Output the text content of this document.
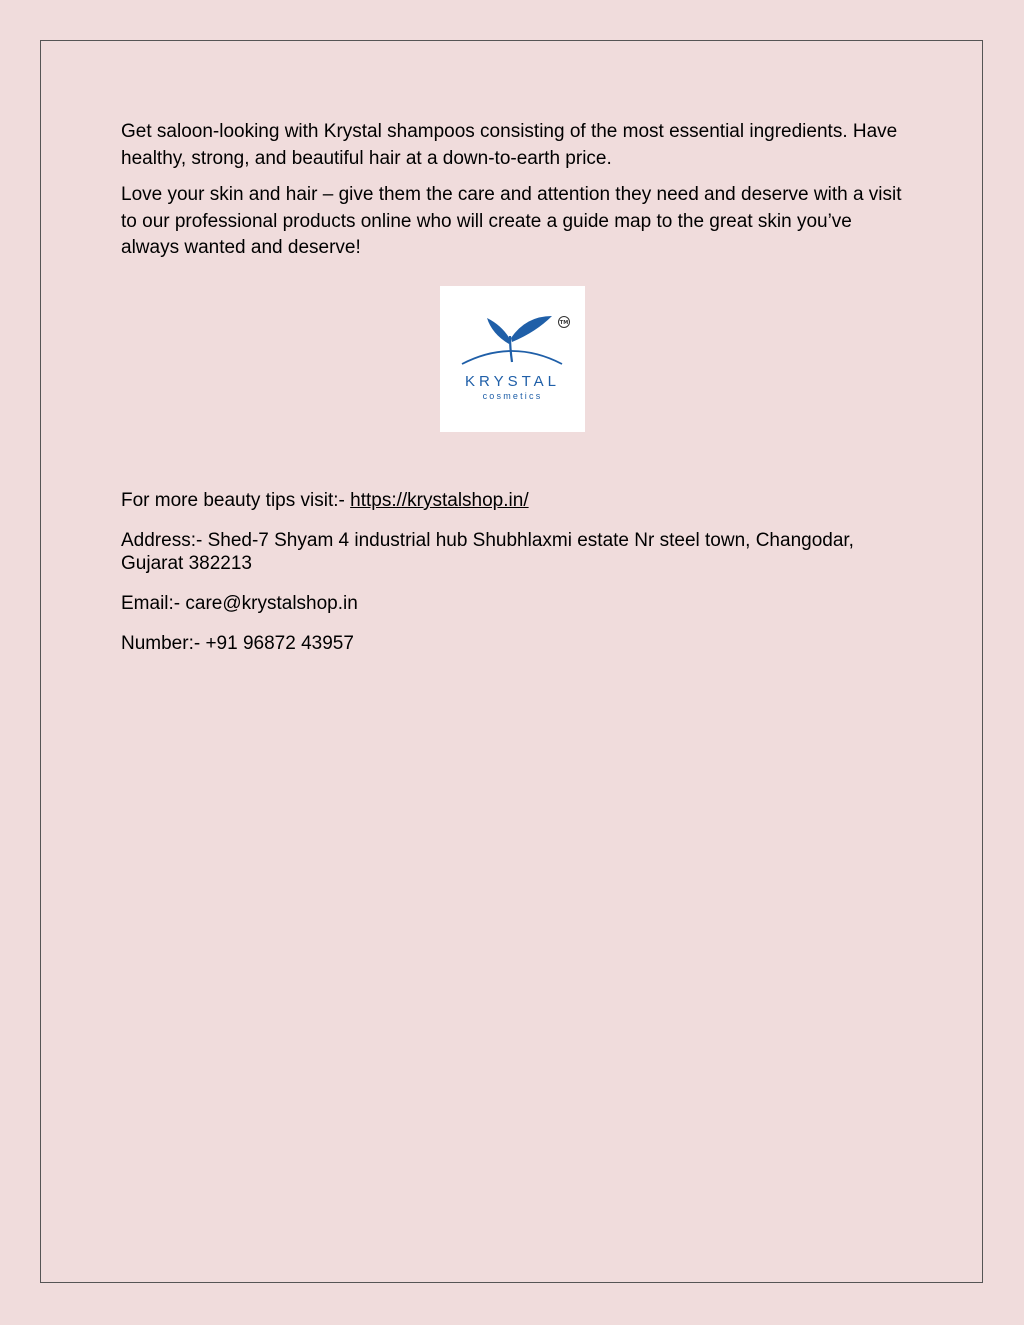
Get saloon-looking with Krystal shampoos consisting of the most essential ingredients. Have healthy, strong, and beautiful hair at a down-to-earth price.

Love your skin and hair – give them the care and attention they need and deserve with a visit to our professional products online who will create a guide map to the great skin you’ve always wanted and deserve!

TM
KRYSTAL
cosmetics

For more beauty tips visit:- https://krystalshop.in/

Address:- Shed-7 Shyam 4 industrial hub Shubhlaxmi estate Nr steel town, Changodar, Gujarat 382213

Email:- care@krystalshop.in

Number:- +91 96872 43957
